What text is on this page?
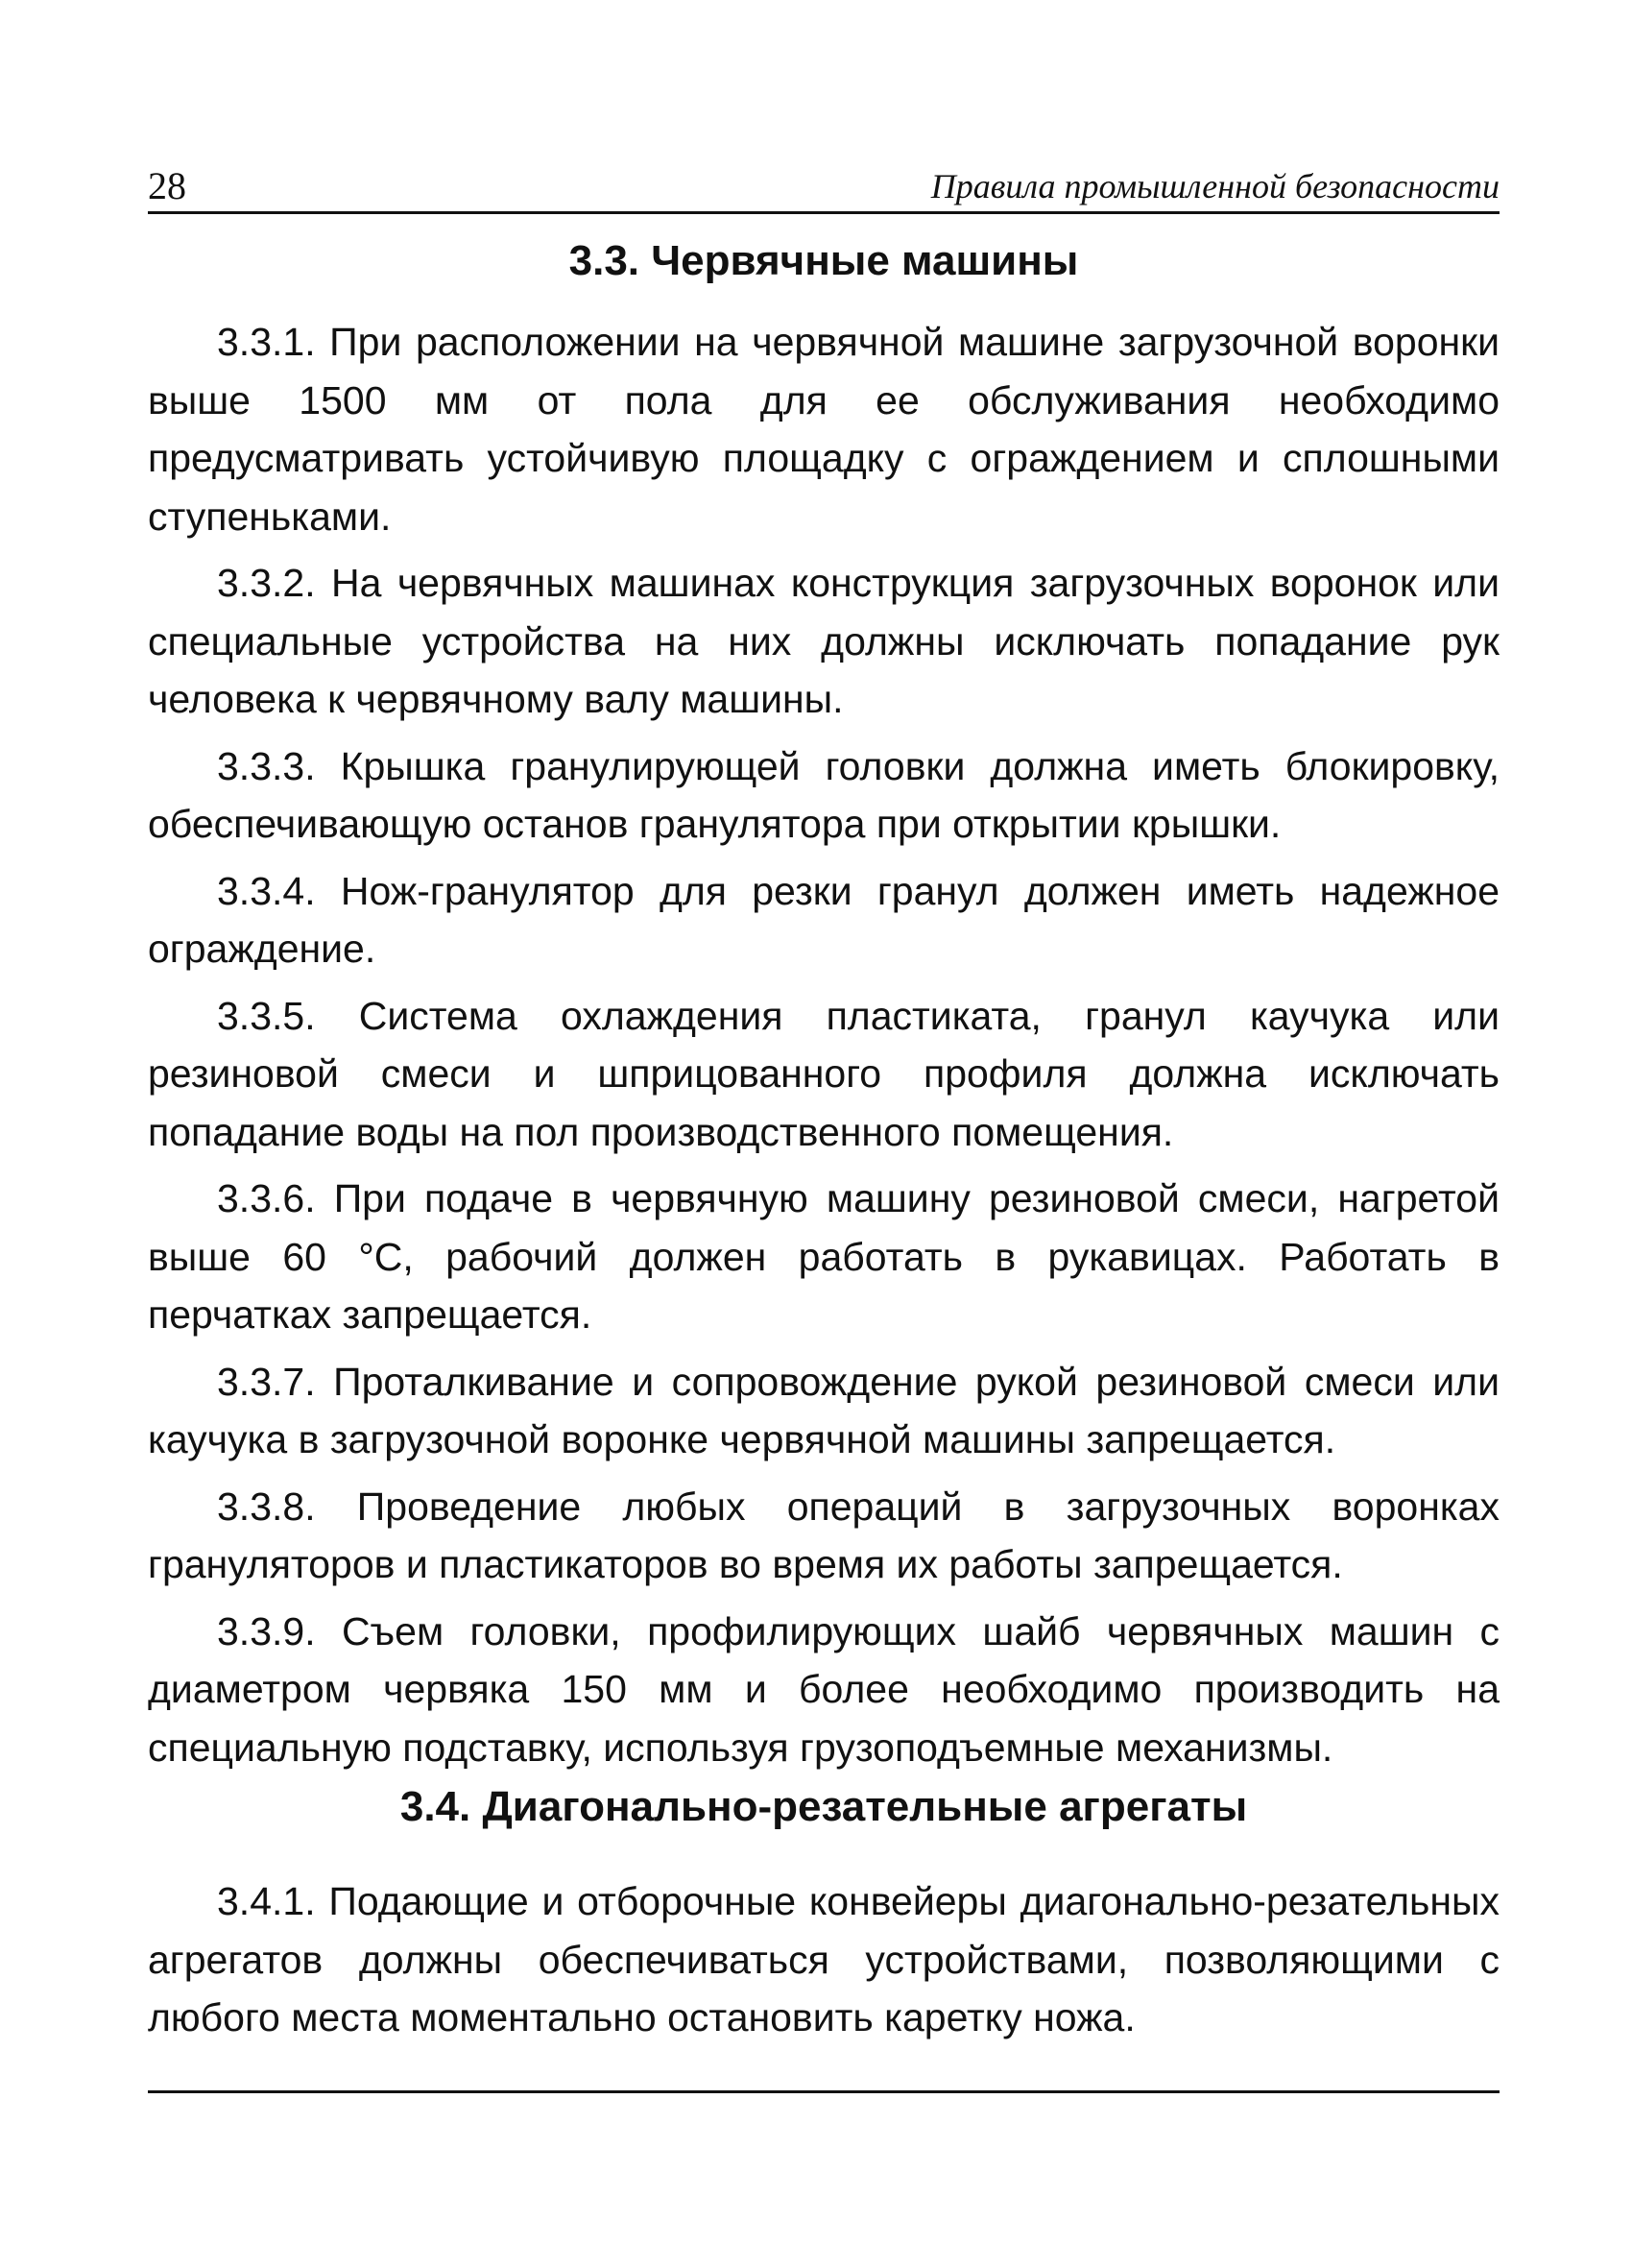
28	Правила промышленной безопасности
3.3. Червячные машины

3.3.1. При расположении на червячной машине загрузочной воронки выше 1500 мм от пола для ее обслуживания необходимо предусматривать устойчивую площадку с ограждением и сплошными ступеньками.

3.3.2. На червячных машинах конструкция загрузочных воронок или специальные устройства на них должны исключать попадание рук человека к червячному валу машины.

3.3.3. Крышка гранулирующей головки должна иметь блокировку, обеспечивающую останов гранулятора при открытии крышки.

3.3.4. Нож-гранулятор для резки гранул должен иметь надежное ограждение.

3.3.5. Система охлаждения пластиката, гранул каучука или резиновой смеси и шприцованного профиля должна исключать попадание воды на пол производственного помещения.

3.3.6. При подаче в червячную машину резиновой смеси, нагретой выше 60 °С, рабочий должен работать в рукавицах. Работать в перчатках запрещается.

3.3.7. Проталкивание и сопровождение рукой резиновой смеси или каучука в загрузочной воронке червячной машины запрещается.

3.3.8. Проведение любых операций в загрузочных воронках грануляторов и пластикаторов во время их работы запрещается.

3.3.9. Съем головки, профилирующих шайб червячных машин с диаметром червяка 150 мм и более необходимо производить на специальную подставку, используя грузоподъемные механизмы.

3.4. Диагонально-резательные агрегаты

3.4.1. Подающие и отборочные конвейеры диагонально-резательных агрегатов должны обеспечиваться устройствами, позволяющими с любого места моментально остановить каретку ножа.
